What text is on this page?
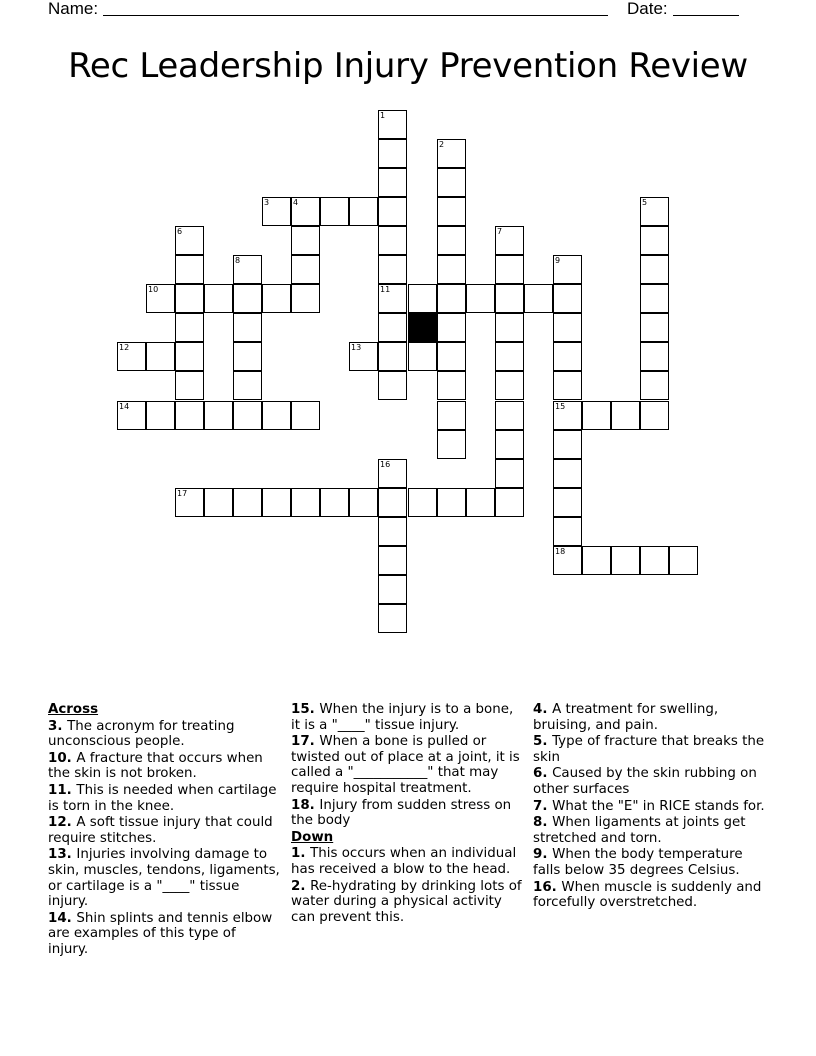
Name:	Date:
Rec Leadership Injury Prevention Review
3	4
10	11
12	13
14	15
17
18
1
2
5
6	7
8	9
16
Across
3. The acronym for treating unconscious people.
10. A fracture that occurs when the skin is not broken.
11. This is needed when cartilage is torn in the knee.
12. A soft tissue injury that could require stitches.
13. Injuries involving damage to skin, muscles, tendons, ligaments, or cartilage is a "____" tissue injury.
14. Shin splints and tennis elbow are examples of this type of injury.
15. When the injury is to a bone, it is a "____" tissue injury.
17. When a bone is pulled or twisted out of place at a joint, it is called a "___________" that may require hospital treatment.
18. Injury from sudden stress on the body
Down
1. This occurs when an individual has received a blow to the head.
2. Re-hydrating by drinking lots of water during a physical activity can prevent this.
4. A treatment for swelling, bruising, and pain.
5. Type of fracture that breaks the skin
6. Caused by the skin rubbing on other surfaces
7. What the "E" in RICE stands for.
8. When ligaments at joints get stretched and torn.
9. When the body temperature falls below 35 degrees Celsius.
16. When muscle is suddenly and forcefully overstretched.
